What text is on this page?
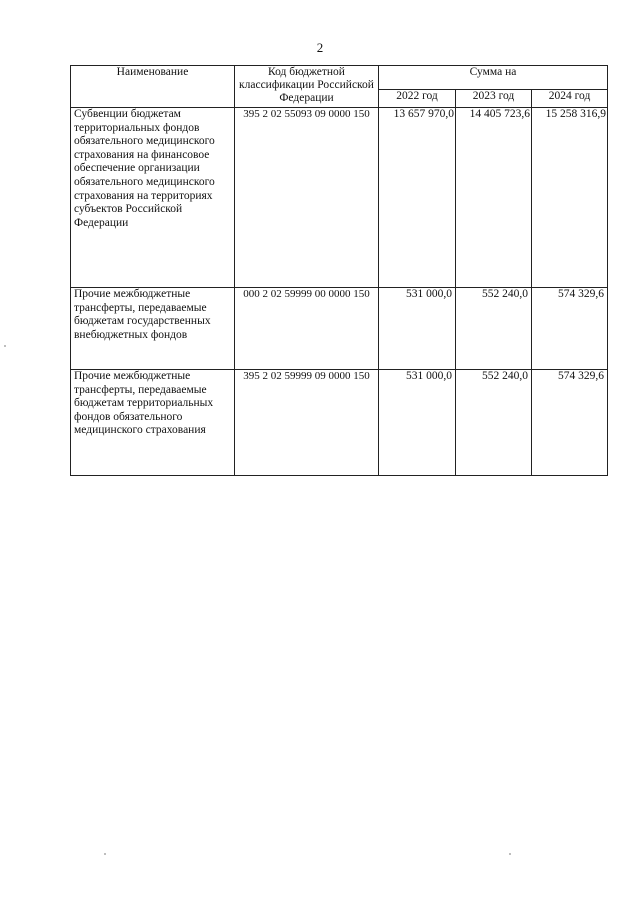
2
Наименование	Код бюджетной классификации Российской Федерации	Сумма на		
		2022 год	2023 год	2024 год
Субвенции бюджетам территориальных фондов обязательного медицинского страхования на финансовое обеспечение организации обязательного медицинского страхования на территориях субъектов Российской Федерации	395 2 02 55093 09 0000 150	13 657 970,0	14 405 723,6	15 258 316,9
Прочие межбюджетные трансферты, передаваемые бюджетам государственных внебюджетных фондов	000 2 02 59999 00 0000 150	531 000,0	552 240,0	574 329,6
Прочие межбюджетные трансферты, передаваемые бюджетам территориальных фондов обязательного медицинского страхования	395 2 02 59999 09 0000 150	531 000,0	552 240,0	574 329,6
